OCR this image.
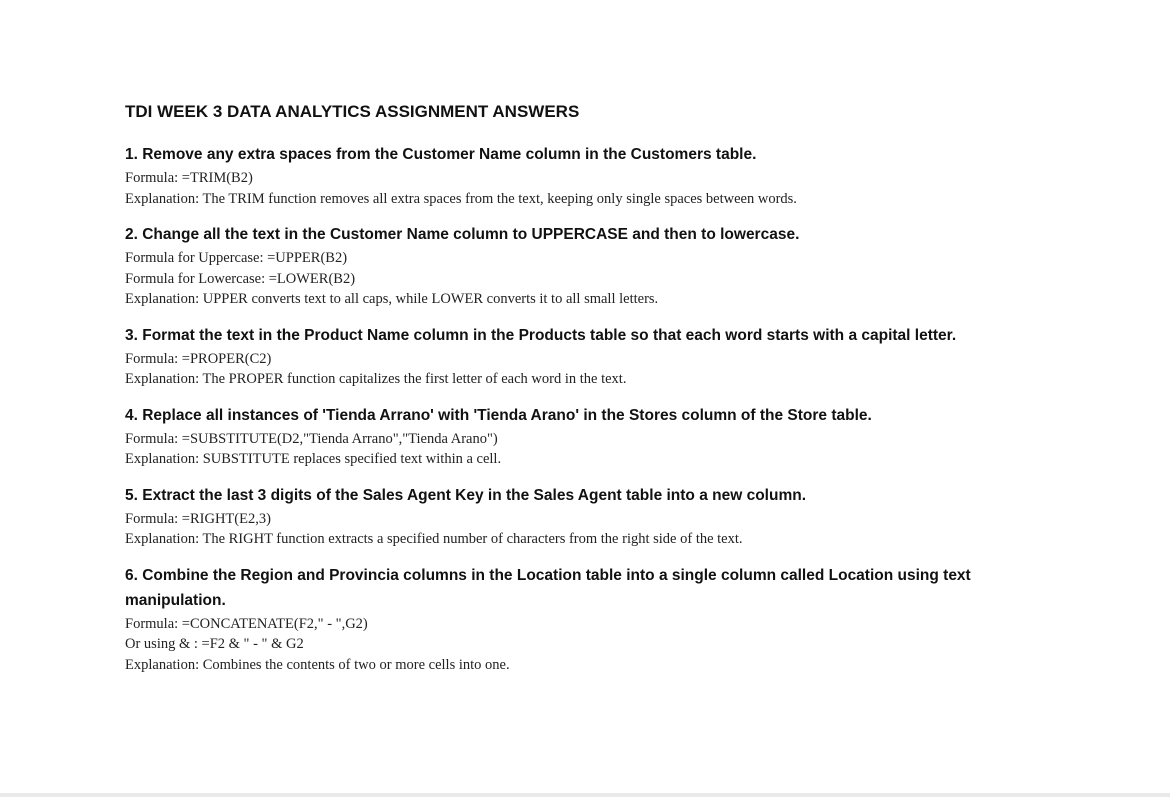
TDI WEEK 3 DATA ANALYTICS ASSIGNMENT ANSWERS
1. Remove any extra spaces from the Customer Name column in the Customers table.
Formula: =TRIM(B2)
Explanation: The TRIM function removes all extra spaces from the text, keeping only single spaces between words.
2. Change all the text in the Customer Name column to UPPERCASE and then to lowercase.
Formula for Uppercase: =UPPER(B2)
Formula for Lowercase: =LOWER(B2)
Explanation: UPPER converts text to all caps, while LOWER converts it to all small letters.
3. Format the text in the Product Name column in the Products table so that each word starts with a capital letter.
Formula: =PROPER(C2)
Explanation: The PROPER function capitalizes the first letter of each word in the text.
4. Replace all instances of 'Tienda Arrano' with 'Tienda Arano' in the Stores column of the Store table.
Formula: =SUBSTITUTE(D2,"Tienda Arrano","Tienda Arano")
Explanation: SUBSTITUTE replaces specified text within a cell.
5. Extract the last 3 digits of the Sales Agent Key in the Sales Agent table into a new column.
Formula: =RIGHT(E2,3)
Explanation: The RIGHT function extracts a specified number of characters from the right side of the text.
6. Combine the Region and Provincia columns in the Location table into a single column called Location using text manipulation.
Formula: =CONCATENATE(F2," - ",G2)
Or using & : =F2 & " - " & G2
Explanation: Combines the contents of two or more cells into one.
